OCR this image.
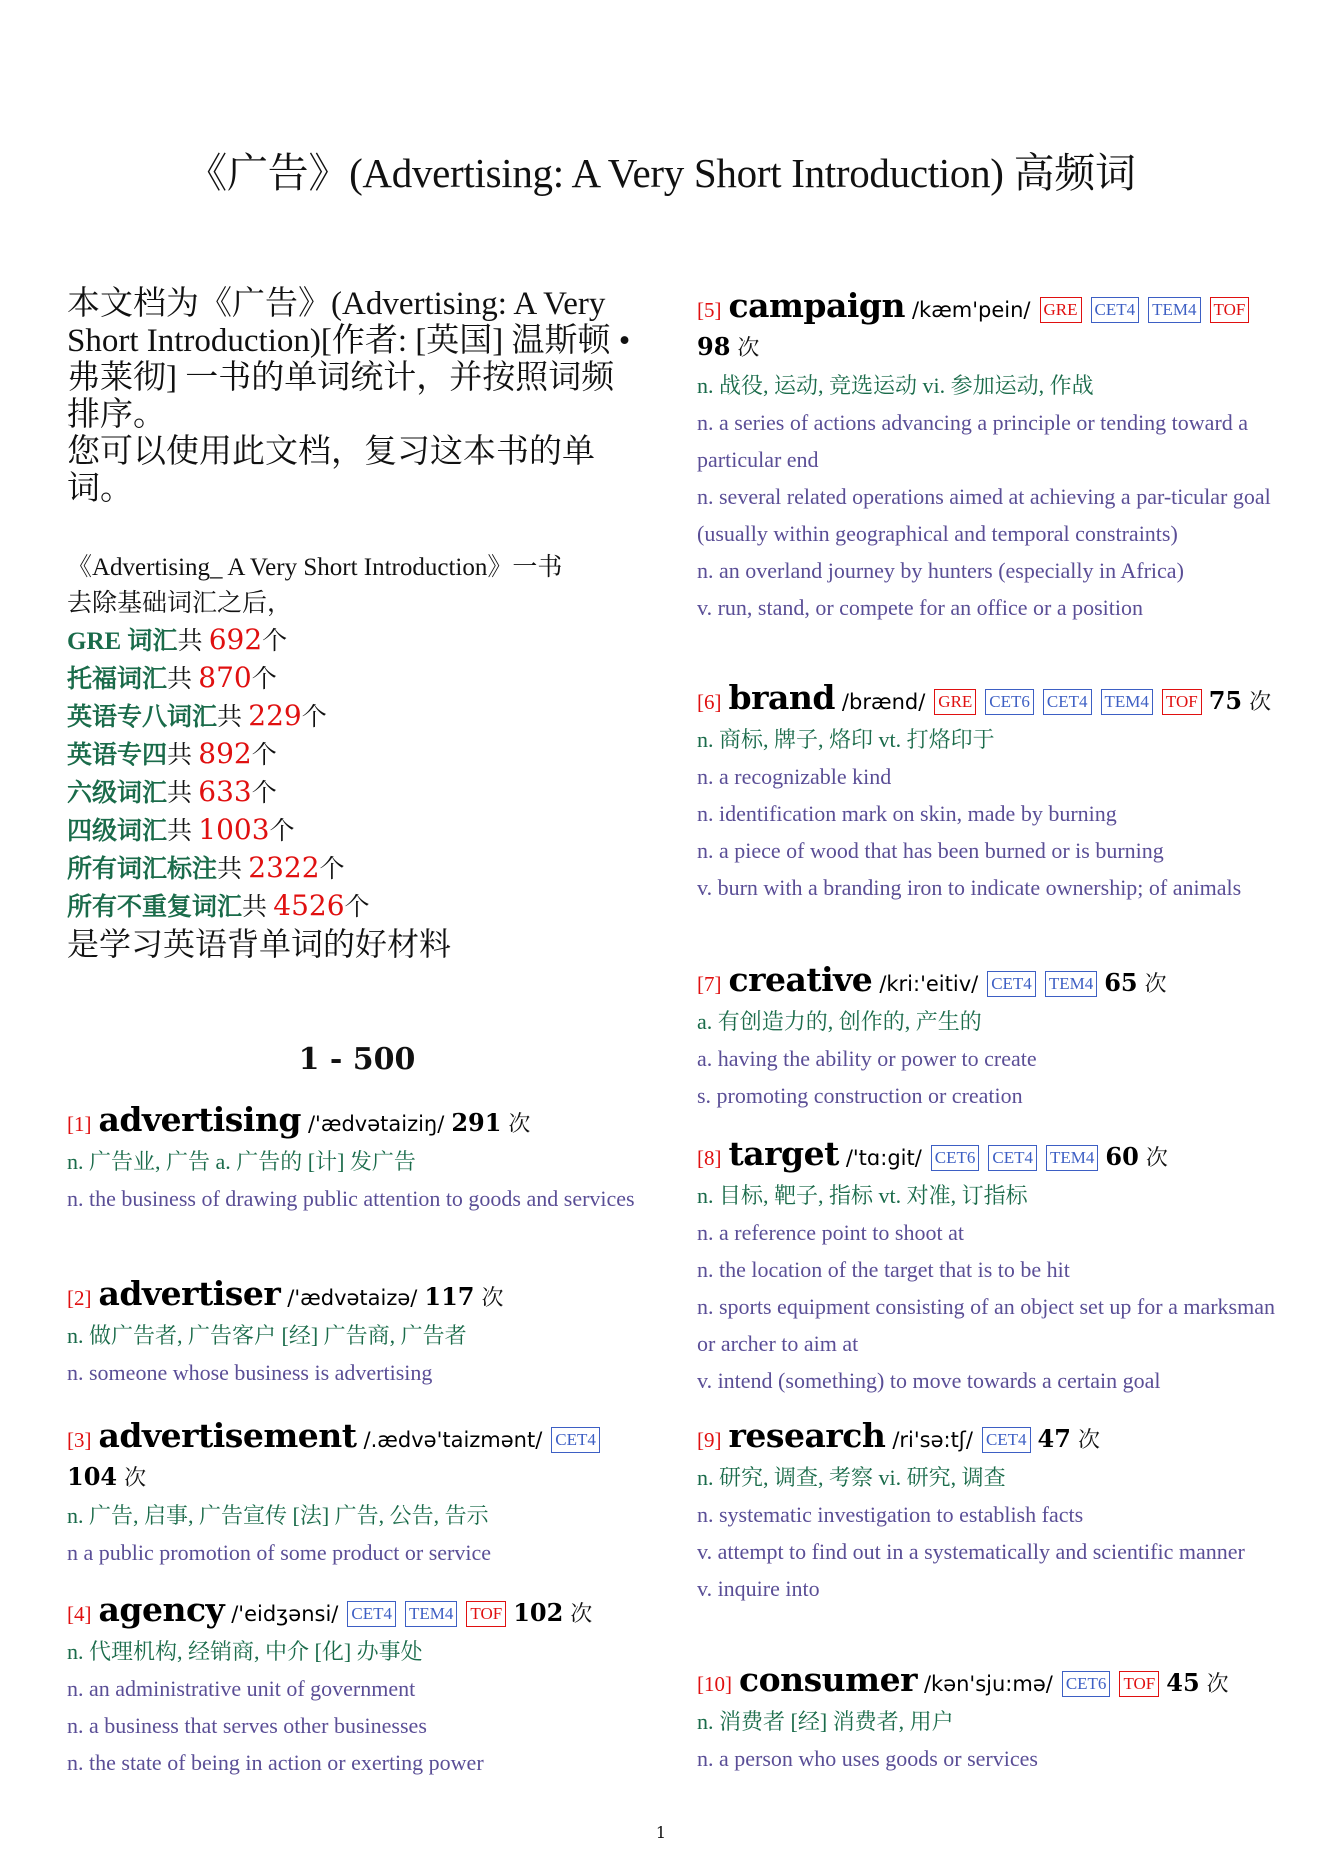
《广告》(Advertising: A Very Short Introduction) 高频词
本文档为《广告》(Advertising: A Very Short Introduction)[作者: [英国] 温斯顿 • 弗莱彻] 一书的单词统计，并按照词频排序。
您可以使用此文档，复习这本书的单词。
《Advertising_ A Very Short Introduction》一书
去除基础词汇之后，
GRE 词汇共 692个
托福词汇共 870个
英语专八词汇共 229个
英语专四共 892个
六级词汇共 633个
四级词汇共 1003个
所有词汇标注共 2322个
所有不重复词汇共 4526个
是学习英语背单词的好材料
1 - 500
[1] advertising /'ædvətaiziŋ/ 291 次
n. 广告业, 广告 a. 广告的 [计] 发广告
n. the business of drawing public attention to goods and services
[2] advertiser /'ædvətaizə/ 117 次
n. 做广告者, 广告客户 [经] 广告商, 广告者
n. someone whose business is advertising
[3] advertisement /.ædvə'taizmənt/ CET4 104 次
n. 广告, 启事, 广告宣传 [法] 广告, 公告, 告示
n a public promotion of some product or service
[4] agency /'eidʒənsi/ CET4 TEM4 TOF 102 次
n. 代理机构, 经销商, 中介 [化] 办事处
n. an administrative unit of government
n. a business that serves other businesses
n. the state of being in action or exerting power
[5] campaign /kæm'pein/ GRE CET4 TEM4 TOF 98 次
n. 战役, 运动, 竞选运动 vi. 参加运动, 作战
n. a series of actions advancing a principle or tending toward a particular end
n. several related operations aimed at achieving a par-ticular goal (usually within geographical and temporal constraints)
n. an overland journey by hunters (especially in Africa)
v. run, stand, or compete for an office or a position
[6] brand /brænd/ GRE CET6 CET4 TEM4 TOF 75 次
n. 商标, 牌子, 烙印 vt. 打烙印于
n. a recognizable kind
n. identification mark on skin, made by burning
n. a piece of wood that has been burned or is burning
v. burn with a branding iron to indicate ownership; of animals
[7] creative /kri:'eitiv/ CET4 TEM4 65 次
a. 有创造力的, 创作的, 产生的
a. having the ability or power to create
s. promoting construction or creation
[8] target /'tɑ:git/ CET6 CET4 TEM4 60 次
n. 目标, 靶子, 指标 vt. 对准, 订指标
n. a reference point to shoot at
n. the location of the target that is to be hit
n. sports equipment consisting of an object set up for a marksman or archer to aim at
v. intend (something) to move towards a certain goal
[9] research /ri'sə:tʃ/ CET4 47 次
n. 研究, 调查, 考察 vi. 研究, 调查
n. systematic investigation to establish facts
v. attempt to find out in a systematically and scientific manner
v. inquire into
[10] consumer /kən'sju:mə/ CET6 TOF 45 次
n. 消费者 [经] 消费者, 用户
n. a person who uses goods or services
1
